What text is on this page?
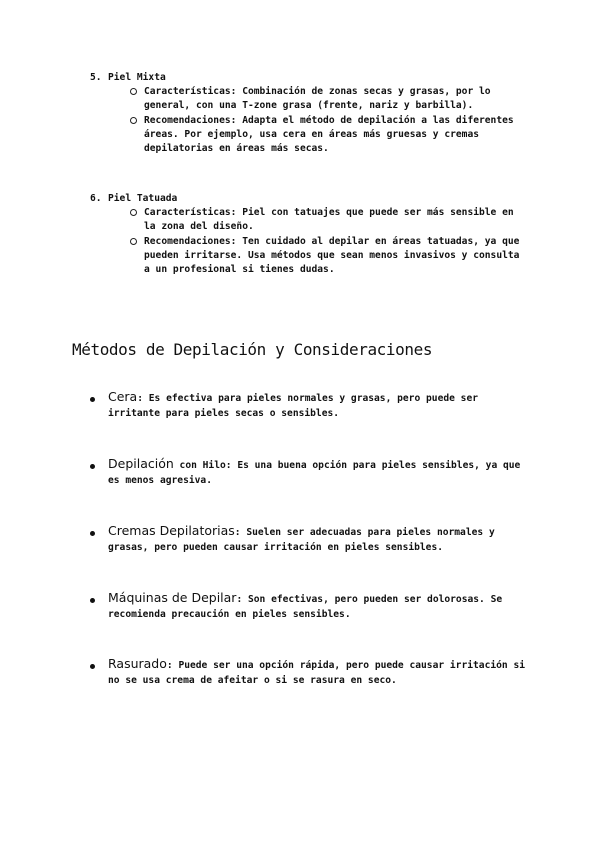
5. Piel Mixta
Características: Combinación de zonas secas y grasas, por lo general, con una T-zone grasa (frente, nariz y barbilla).
Recomendaciones: Adapta el método de depilación a las diferentes áreas. Por ejemplo, usa cera en áreas más gruesas y cremas depilatorias en áreas más secas.
6. Piel Tatuada
Características: Piel con tatuajes que puede ser más sensible en la zona del diseño.
Recomendaciones: Ten cuidado al depilar en áreas tatuadas, ya que pueden irritarse. Usa métodos que sean menos invasivos y consulta a un profesional si tienes dudas.
Métodos de Depilación y Consideraciones
Cera: Es efectiva para pieles normales y grasas, pero puede ser irritante para pieles secas o sensibles.
Depilación con Hilo: Es una buena opción para pieles sensibles, ya que es menos agresiva.
Cremas Depilatorias: Suelen ser adecuadas para pieles normales y grasas, pero pueden causar irritación en pieles sensibles.
Máquinas de Depilar: Son efectivas, pero pueden ser dolorosas. Se recomienda precaución en pieles sensibles.
Rasurado: Puede ser una opción rápida, pero puede causar irritación si no se usa crema de afeitar o si se rasura en seco.
